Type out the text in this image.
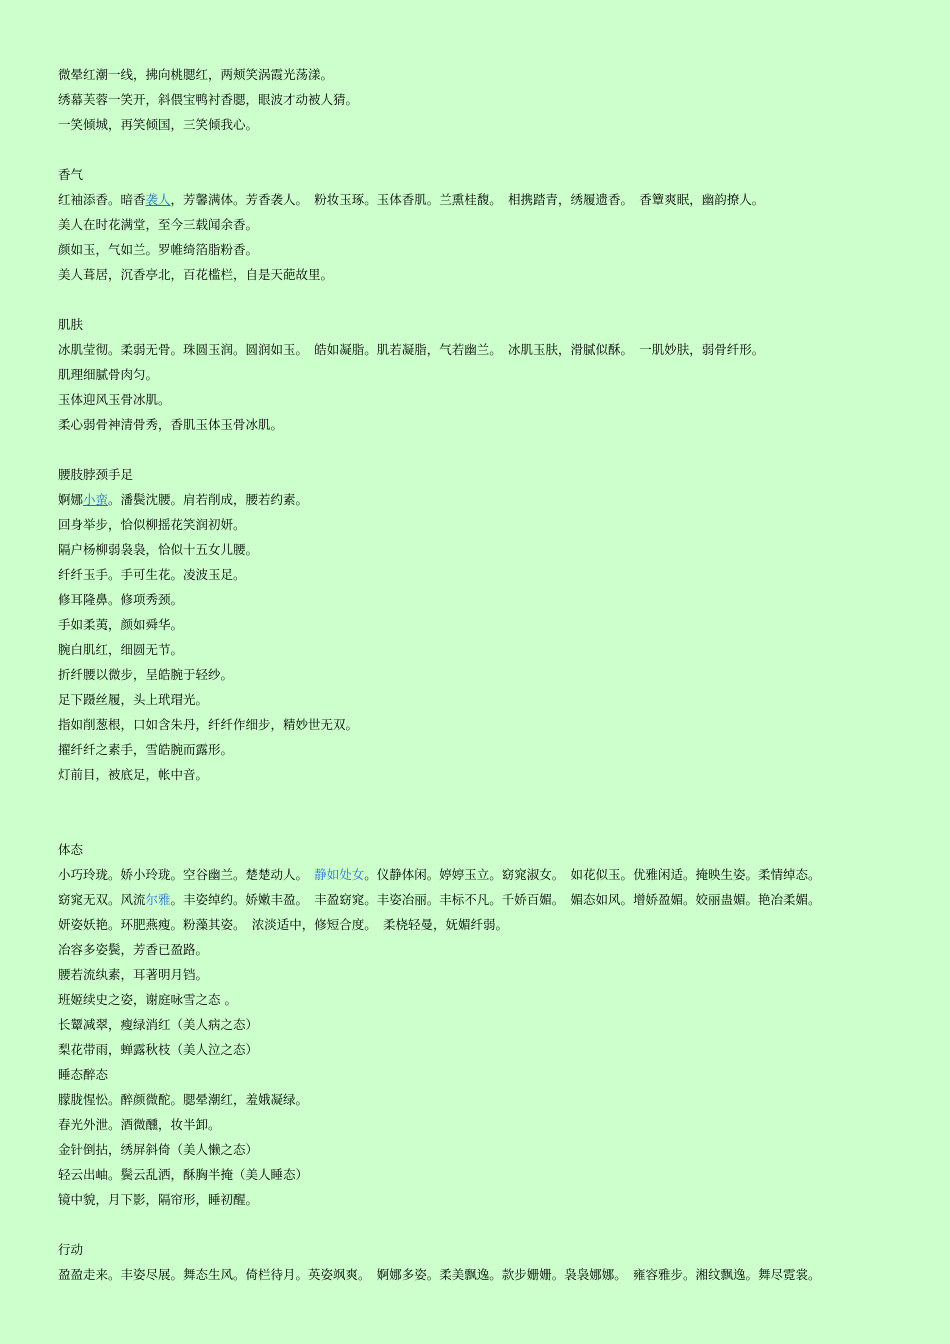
微晕红潮一线，拂向桃腮红，两颊笑涡霞光荡漾。
绣幕芙蓉一笑开，斜偎宝鸭衬香腮，眼波才动被人猜。
一笑倾城，再笑倾国，三笑倾我心。
香气
红袖添香。暗香袭人，芳馨满体。芳香袭人。　粉妆玉琢。玉体香肌。兰熏桂馥。　相携踏青，绣履遗香。　香簟爽眠，幽韵撩人。
美人在时花满堂，至今三载闻余香。
颜如玉，气如兰。罗帷绮箔脂粉香。
美人葺居，沉香亭北，百花槛栏，自是天葩故里。
肌肤
冰肌莹彻。柔弱无骨。珠圆玉润。圆润如玉。　皓如凝脂。肌若凝脂，气若幽兰。　冰肌玉肤，滑腻似酥。　一肌妙肤，弱骨纤形。
肌理细腻骨肉匀。
玉体迎风玉骨冰肌。
柔心弱骨神清骨秀，香肌玉体玉骨冰肌。
腰肢脖颈手足
婀娜小蛮。潘鬓沈腰。肩若削成，腰若约素。
回身举步，恰似柳摇花笑润初妍。
隔户杨柳弱袅袅，恰似十五女儿腰。
纤纤玉手。手可生花。凌波玉足。
修耳隆鼻。修项秀颈。
手如柔荑，颜如舜华。
腕白肌红，细圆无节。
折纤腰以微步，呈皓腕于轻纱。
足下蹑丝履，头上玳瑁光。
指如削葱根，口如含朱丹，纤纤作细步，精妙世无双。
擢纤纤之素手，雪皓腕而露形。
灯前目，被底足，帐中音。
体态
小巧玲珑。娇小玲珑。空谷幽兰。楚楚动人。　静如处女。仪静体闲。婷婷玉立。窈窕淑女。　如花似玉。优雅闲适。掩映生姿。柔情绰态。
窈窕无双。风流尔雅。丰姿绰约。娇嫩丰盈。　丰盈窈窕。丰姿冶丽。丰标不凡。千娇百媚。　媚态如风。增娇盈媚。姣丽蛊媚。艳冶柔媚。
妍姿妖艳。环肥燕瘦。粉藻其姿。　浓淡适中，修短合度。　柔桡轻曼，妩媚纤弱。
冶容多姿鬓，芳香已盈路。
腰若流纨素，耳著明月铛。
班姬续史之姿，谢庭咏雪之态 。
长颦减翠，瘦绿消红（美人病之态）
梨花带雨，蝉露秋枝（美人泣之态）
睡态醉态
朦胧惺忪。醉颜微酡。腮晕潮红，羞娥凝绿。
春光外泄。酒微醺，妆半卸。
金针倒拈，绣屏斜倚（美人懒之态）
轻云出岫。鬓云乱洒，酥胸半掩（美人睡态）
镜中貌，月下影，隔帘形，睡初醒。
行动
盈盈走来。丰姿尽展。舞态生风。倚栏待月。英姿飒爽。　婀娜多姿。柔美飘逸。款步姗姗。袅袅娜娜。　雍容雅步。湘纹飘逸。舞尽霓裳。
